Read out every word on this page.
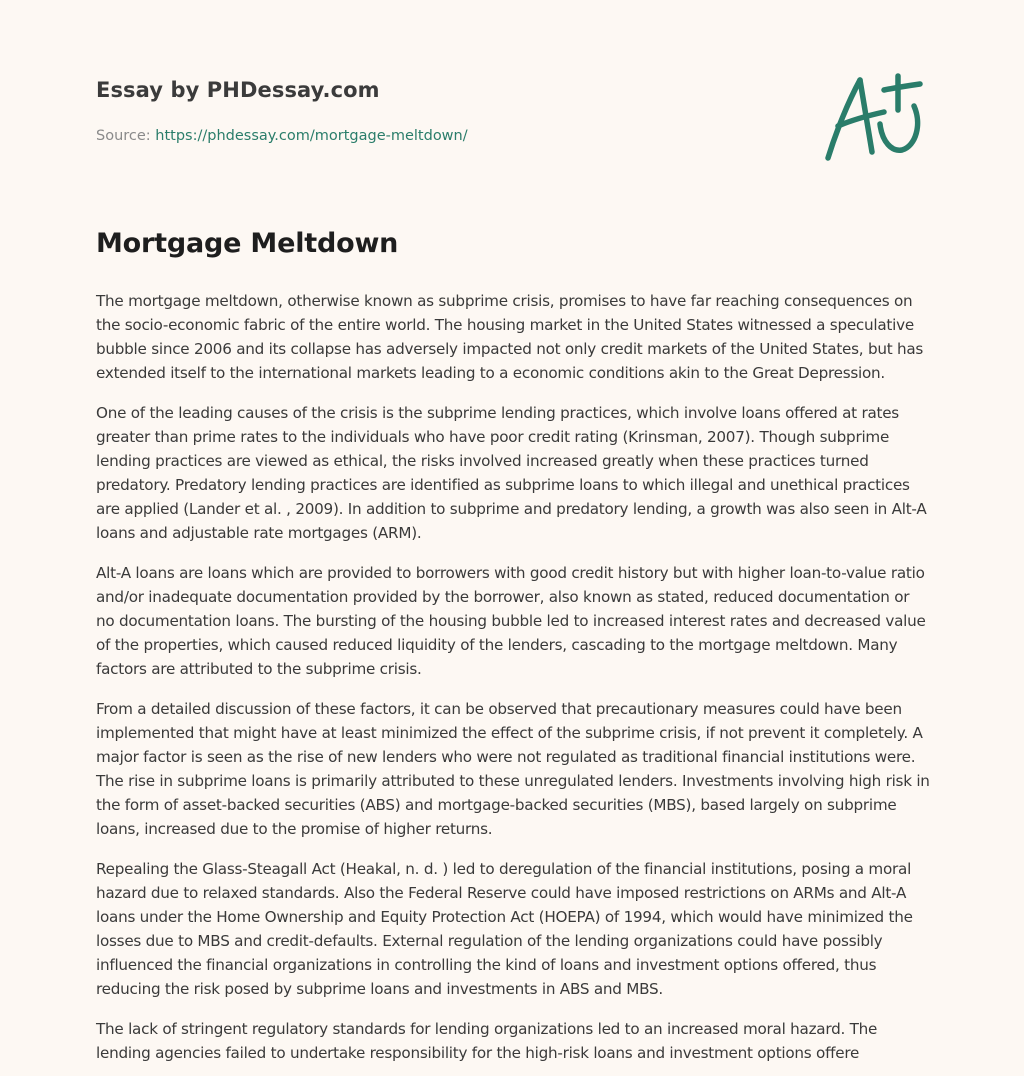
Essay by PHDessay.com
Source: https://phdessay.com/mortgage-meltdown/
Mortgage Meltdown

The mortgage meltdown, otherwise known as subprime crisis, promises to have far reaching consequences on the socio-economic fabric of the entire world. The housing market in the United States witnessed a speculative bubble since 2006 and its collapse has adversely impacted not only credit markets of the United States, but has extended itself to the international markets leading to a economic conditions akin to the Great Depression.

One of the leading causes of the crisis is the subprime lending practices, which involve loans offered at rates greater than prime rates to the individuals who have poor credit rating (Krinsman, 2007). Though subprime lending practices are viewed as ethical, the risks involved increased greatly when these practices turned predatory. Predatory lending practices are identified as subprime loans to which illegal and unethical practices are applied (Lander et al. , 2009). In addition to subprime and predatory lending, a growth was also seen in Alt-A loans and adjustable rate mortgages (ARM).

Alt-A loans are loans which are provided to borrowers with good credit history but with higher loan-to-value ratio and/or inadequate documentation provided by the borrower, also known as stated, reduced documentation or no documentation loans. The bursting of the housing bubble led to increased interest rates and decreased value of the properties, which caused reduced liquidity of the lenders, cascading to the mortgage meltdown. Many factors are attributed to the subprime crisis.

From a detailed discussion of these factors, it can be observed that precautionary measures could have been implemented that might have at least minimized the effect of the subprime crisis, if not prevent it completely. A major factor is seen as the rise of new lenders who were not regulated as traditional financial institutions were. The rise in subprime loans is primarily attributed to these unregulated lenders. Investments involving high risk in the form of asset-backed securities (ABS) and mortgage-backed securities (MBS), based largely on subprime loans, increased due to the promise of higher returns.

Repealing the Glass-Steagall Act (Heakal, n. d. ) led to deregulation of the financial institutions, posing a moral hazard due to relaxed standards. Also the Federal Reserve could have imposed restrictions on ARMs and Alt-A loans under the Home Ownership and Equity Protection Act (HOEPA) of 1994, which would have minimized the losses due to MBS and credit-defaults. External regulation of the lending organizations could have possibly influenced the financial organizations in controlling the kind of loans and investment options offered, thus reducing the risk posed by subprime loans and investments in ABS and MBS.

The lack of stringent regulatory standards for lending organizations led to an increased moral hazard. The lending agencies failed to undertake responsibility for the high-risk loans and investment options offere
